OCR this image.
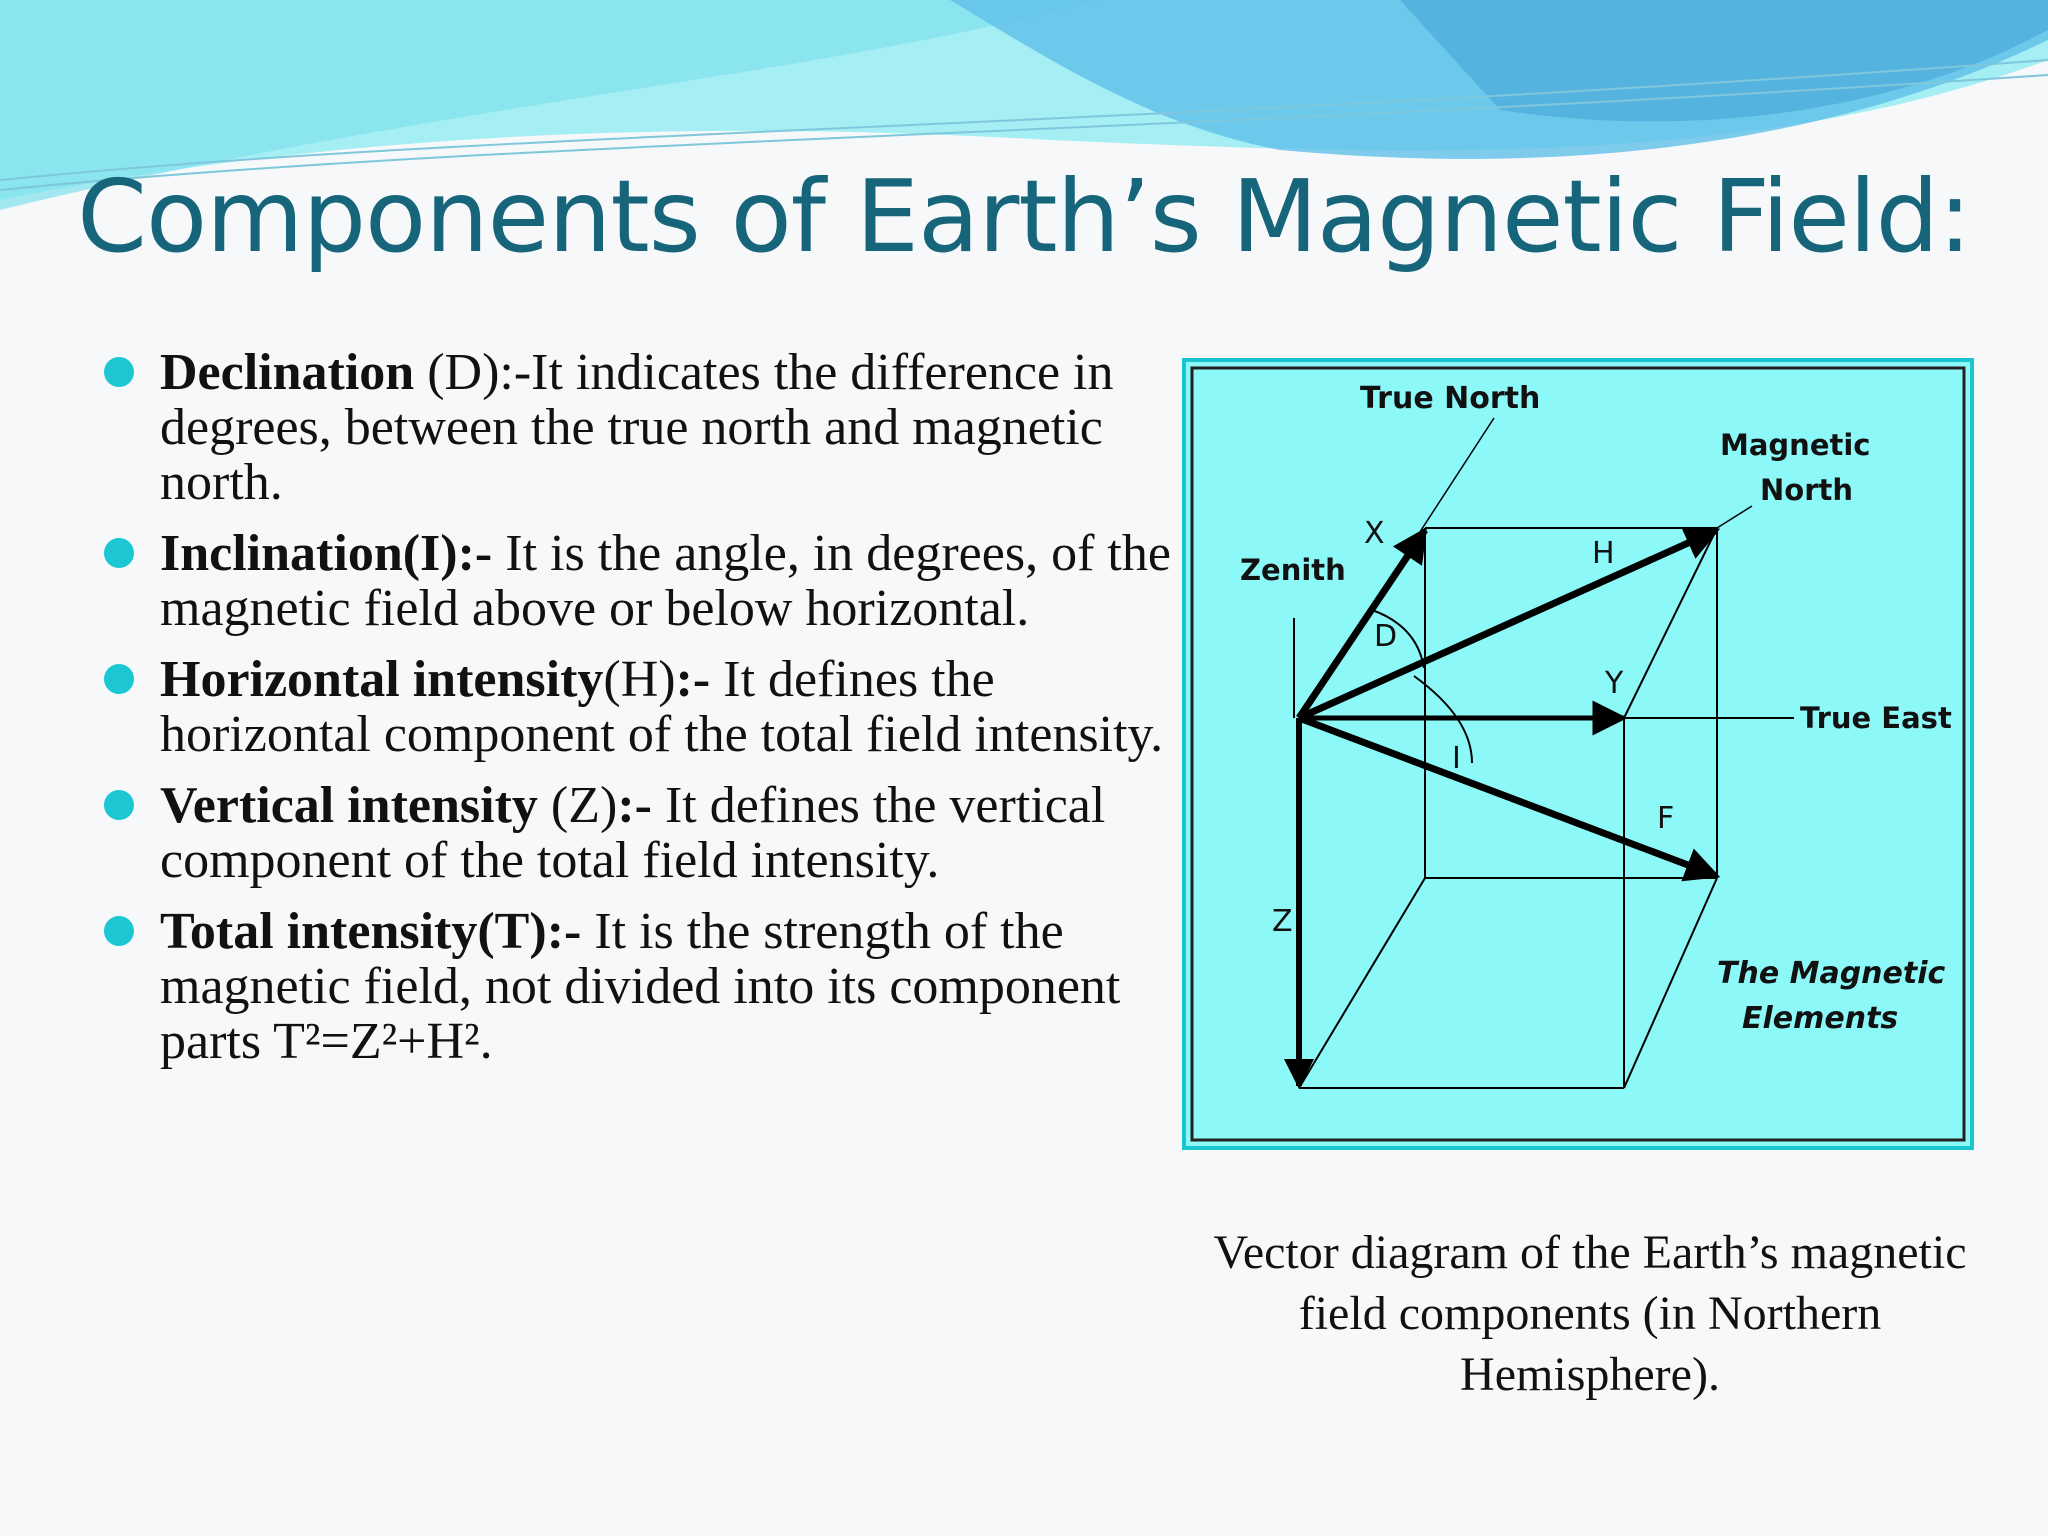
Components of Earth’s Magnetic Field:
Declination (D):-It indicates the difference in degrees, between the true north and magnetic north.
Inclination(I):- It is the angle, in degrees, of the magnetic field above or below horizontal.
Horizontal intensity(H):- It defines the horizontal component of the total field intensity.
Vertical intensity (Z):- It defines the vertical component of the total field intensity.
Total intensity(T):- It is the strength of the magnetic field, not divided into its component parts T²=Z²+H².
True North
Magnetic
North
Zenith
True East
X
H
D
Y
I
F
Z
The Magnetic
Elements
Vector diagram of the Earth’s magnetic field components (in Northern Hemisphere).
